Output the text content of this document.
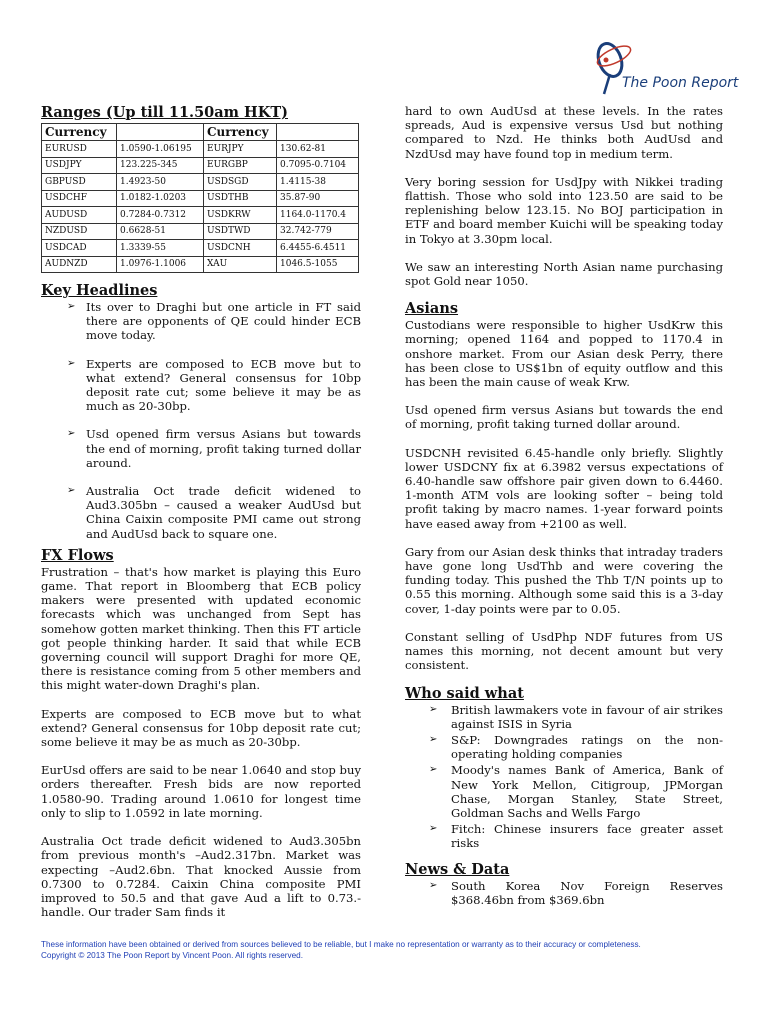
The Poon Report
Ranges (Up till 11.50am HKT)
Currency		Currency	
EURUSD	1.0590-1.06195	EURJPY	130.62-81
USDJPY	123.225-345	EURGBP	0.7095-0.7104
GBPUSD	1.4923-50	USDSGD	1.4115-38
USDCHF	1.0182-1.0203	USDTHB	35.87-90
AUDUSD	0.7284-0.7312	USDKRW	1164.0-1170.4
NZDUSD	0.6628-51	USDTWD	32.742-779
USDCAD	1.3339-55	USDCNH	6.4455-6.4511
AUDNZD	1.0976-1.1006	XAU	1046.5-1055
Key Headlines
➢ Its over to Draghi but one article in FT said there are opponents of QE could hinder ECB move today.
➢ Experts are composed to ECB move but to what extend? General consensus for 10bp deposit rate cut; some believe it may be as much as 20-30bp.
➢ Usd opened firm versus Asians but towards the end of morning, profit taking turned dollar around.
➢ Australia Oct trade deficit widened to Aud3.305bn – caused a weaker AudUsd but China Caixin composite PMI came out strong and AudUsd back to square one.
FX Flows

Frustration – that's how market is playing this Euro game. That report in Bloomberg that ECB policy makers were presented with updated economic forecasts which was unchanged from Sept has somehow gotten market thinking. Then this FT article got people thinking harder. It said that while ECB governing council will support Draghi for more QE, there is resistance coming from 5 other members and this might water-down Draghi's plan.

Experts are composed to ECB move but to what extend? General consensus for 10bp deposit rate cut; some believe it may be as much as 20-30bp.

EurUsd offers are said to be near 1.0640 and stop buy orders thereafter. Fresh bids are now reported 1.0580-90. Trading around 1.0610 for longest time only to slip to 1.0592 in late morning.

Australia Oct trade deficit widened to Aud3.305bn from previous month's –Aud2.317bn. Market was expecting –Aud2.6bn. That knocked Aussie from 0.7300 to 0.7284. Caixin China composite PMI improved to 50.5 and that gave Aud a lift to 0.73.-handle. Our trader Sam finds it

hard to own AudUsd at these levels. In the rates spreads, Aud is expensive versus Usd but nothing compared to Nzd. He thinks both AudUsd and NzdUsd may have found top in medium term.

Very boring session for UsdJpy with Nikkei trading flattish. Those who sold into 123.50 are said to be replenishing below 123.15. No BOJ participation in ETF and board member Kuichi will be speaking today in Tokyo at 3.30pm local.

We saw an interesting North Asian name purchasing spot Gold near 1050.

Asians

Custodians were responsible to higher UsdKrw this morning; opened 1164 and popped to 1170.4 in onshore market. From our Asian desk Perry, there has been close to US$1bn of equity outflow and this has been the main cause of weak Krw.

Usd opened firm versus Asians but towards the end of morning, profit taking turned dollar around.

USDCNH revisited 6.45-handle only briefly. Slightly lower USDCNY fix at 6.3982 versus expectations of 6.40-handle saw offshore pair given down to 6.4460. 1-month ATM vols are looking softer – being told profit taking by macro names. 1-year forward points have eased away from +2100 as well.

Gary from our Asian desk thinks that intraday traders have gone long UsdThb and were covering the funding today. This pushed the Thb T/N points up to 0.55 this morning. Although some said this is a 3-day cover, 1-day points were par to 0.05.

Constant selling of UsdPhp NDF futures from US names this morning, not decent amount but very consistent.

Who said what
➢ British lawmakers vote in favour of air strikes against ISIS in Syria
➢ S&P: Downgrades ratings on the non-operating holding companies
➢ Moody's names Bank of America, Bank of New York Mellon, Citigroup, JPMorgan Chase, Morgan Stanley, State Street, Goldman Sachs and Wells Fargo
➢ Fitch: Chinese insurers face greater asset risks
News & Data
➢ South Korea Nov Foreign Reserves $368.46bn from $369.6bn
These information have been obtained or derived from sources believed to be reliable, but I make no representation or warranty as to their accuracy or completeness.
Copyright © 2013 The Poon Report by Vincent Poon. All rights reserved.
